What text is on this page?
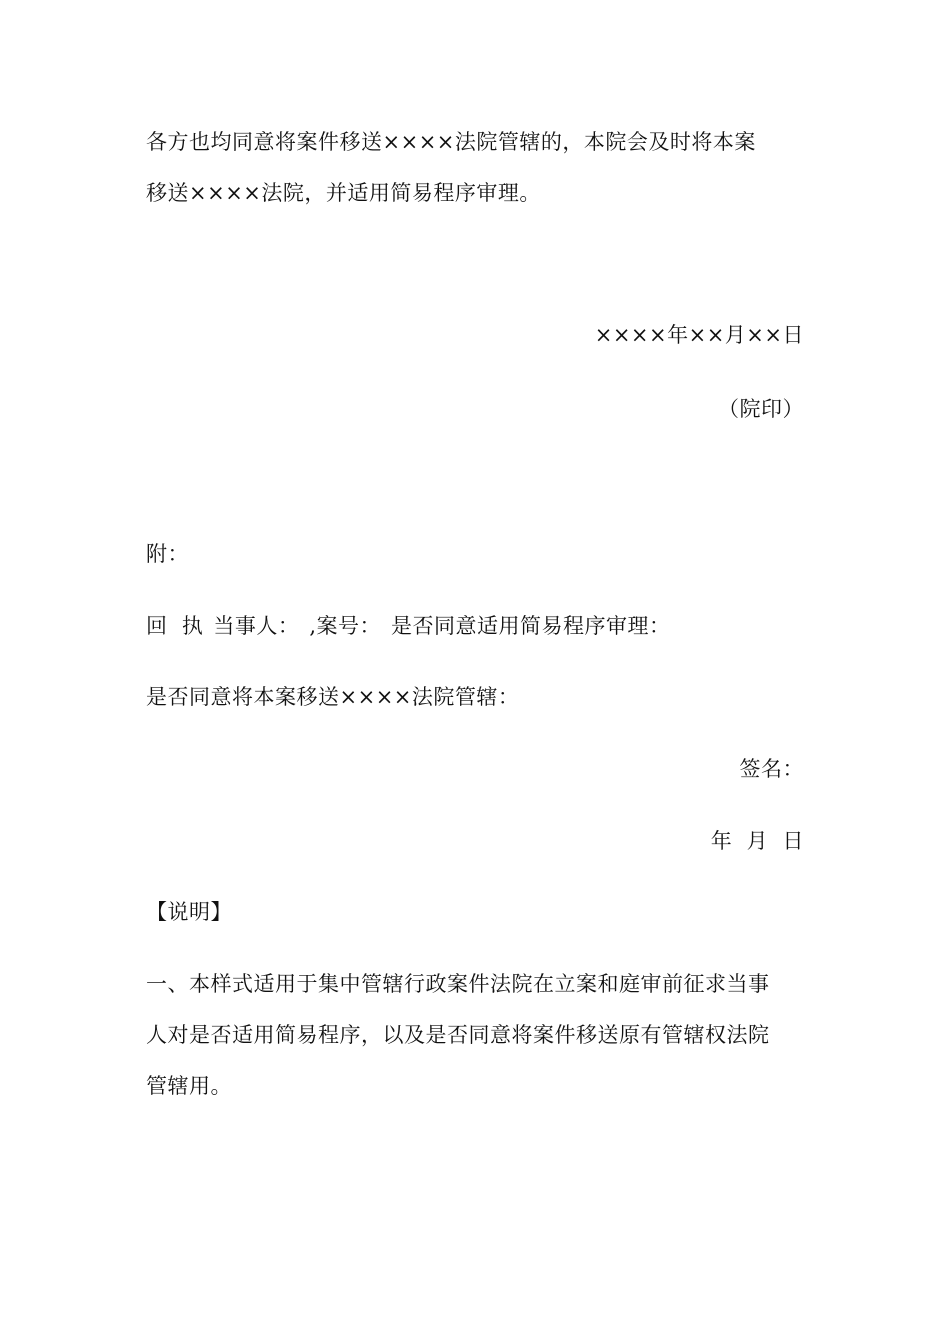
各方也均同意将案件移送××××法院管辖的，本院会及时将本案
移送××××法院，并适用简易程序审理。
××××年××月××日
（院印）
附：
回  执 当事人： ,案号： 是否同意适用简易程序审理：
是否同意将本案移送××××法院管辖：
签名：
年  月  日
【说明】
一、本样式适用于集中管辖行政案件法院在立案和庭审前征求当事
人对是否适用简易程序，以及是否同意将案件移送原有管辖权法院
管辖用。
